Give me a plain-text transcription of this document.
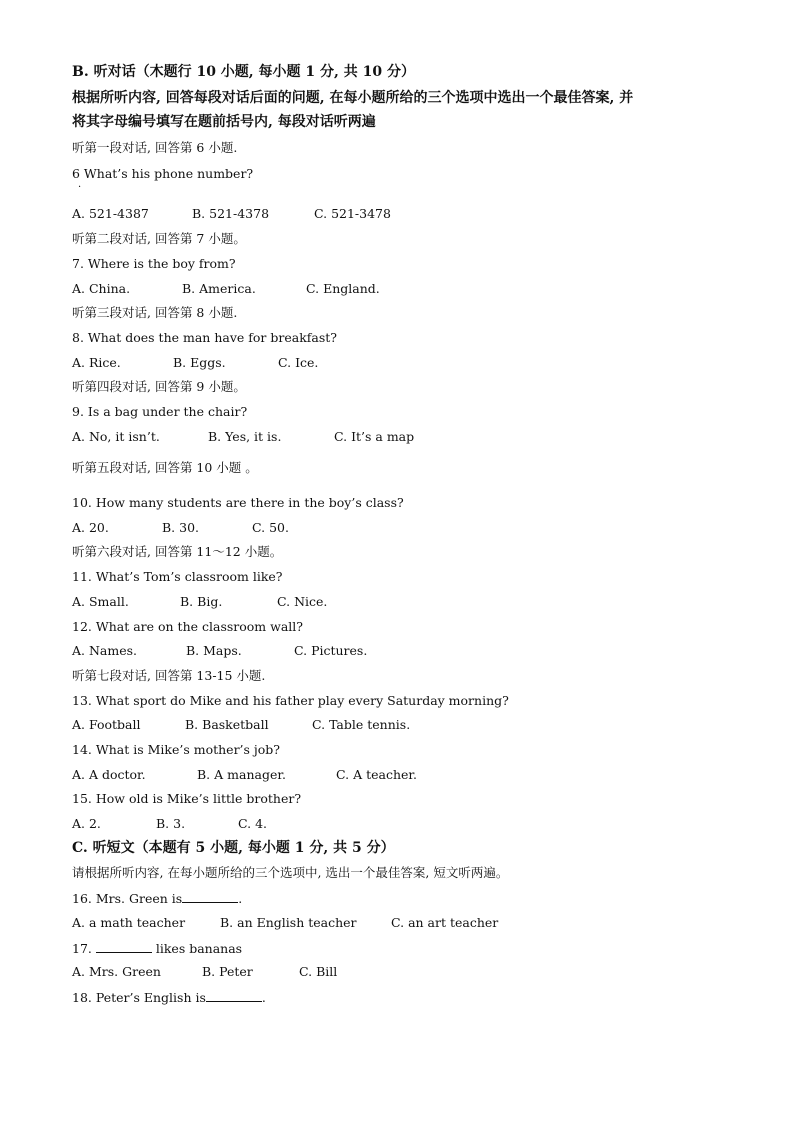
B. 听对话（木题行 10 小题, 每小题 1 分, 共 10 分）
根据所听内容, 回答每段对话后面的问题, 在每小题所给的三个选项中选出一个最佳答案, 并
将其字母编号填写在题前括号内, 每段对话听两遍
听第一段对话, 回答第 6 小题.
6 What’s his phone number?
·
A. 521-4387	B. 521-4378	C. 521-3478
听第二段对话, 回答第 7 小题。
7. Where is the boy from?
A. China.	B. America.	C. England.
听第三段对话, 回答第 8 小题.
8. What does the man have for breakfast?
A. Rice.	B. Eggs.	C. Ice.
听第四段对话, 回答第 9 小题。
9. Is a bag under the chair?
A. No, it isn’t.	B. Yes, it is.	C. It’s a map
听第五段对话, 回答第 10 小题 。
10. How many students are there in the boy’s class?
A. 20.	B. 30.	C. 50.
听第六段对话, 回答第 11～12 小题。
11. What’s Tom’s classroom like?
A. Small.	B. Big.	C. Nice.
12. What are on the classroom wall?
A. Names.	B. Maps.	C. Pictures.
听第七段对话, 回答第 13-15 小题.
13. What sport do Mike and his father play every Saturday morning?
A. Football	B. Basketball	C. Table tennis.
14. What is Mike’s mother’s job?
A. A doctor.	B. A manager.	C. A teacher.
15. How old is Mike’s little brother?
A. 2.	B. 3.	C. 4.
C. 听短文（本题有 5 小题, 每小题 1 分, 共 5 分）
请根据所听内容, 在每小题所给的三个选项中, 选出一个最佳答案, 短文听两遍。
16. Mrs. Green is	.
A. a math teacher	B. an English teacher	C. an art teacher
17.	likes bananas
A. Mrs. Green	B. Peter	C. Bill
18. Peter’s English is	.
